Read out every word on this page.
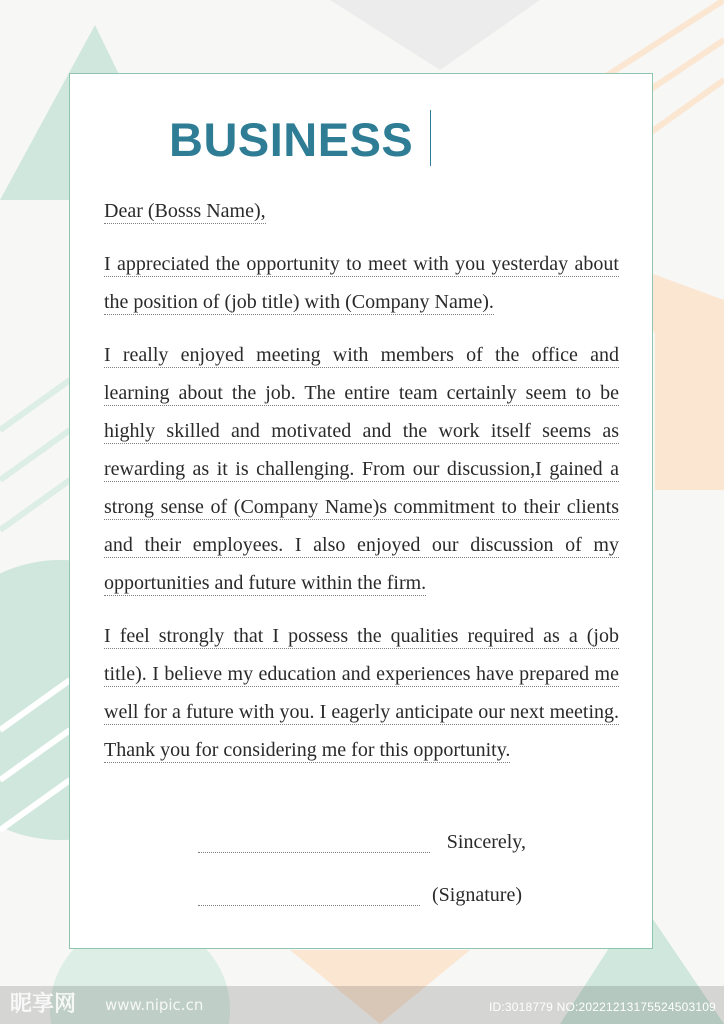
BUSINESS

Dear (Bosss Name),

I appreciated the opportunity to meet with you yesterday about the position of (job title) with (Company Name).

I really enjoyed meeting with members of the office and learning about the job. The entire team certainly seem to be highly skilled and motivated and the work itself seems as rewarding as it is challenging. From our discussion,I gained a strong sense of (Company Name)s commitment to their clients and their employees. I also enjoyed our discussion of my opportunities and future within the firm.

I feel strongly that I possess the qualities required as a (job title). I believe my education and experiences have prepared me well for a future with you. I eagerly anticipate our next meeting. Thank you for considering me for this opportunity.

Sincerely,
(Signature)
昵享网 www.nipic.cn	ID:3018779 NO:20221213175524503109
